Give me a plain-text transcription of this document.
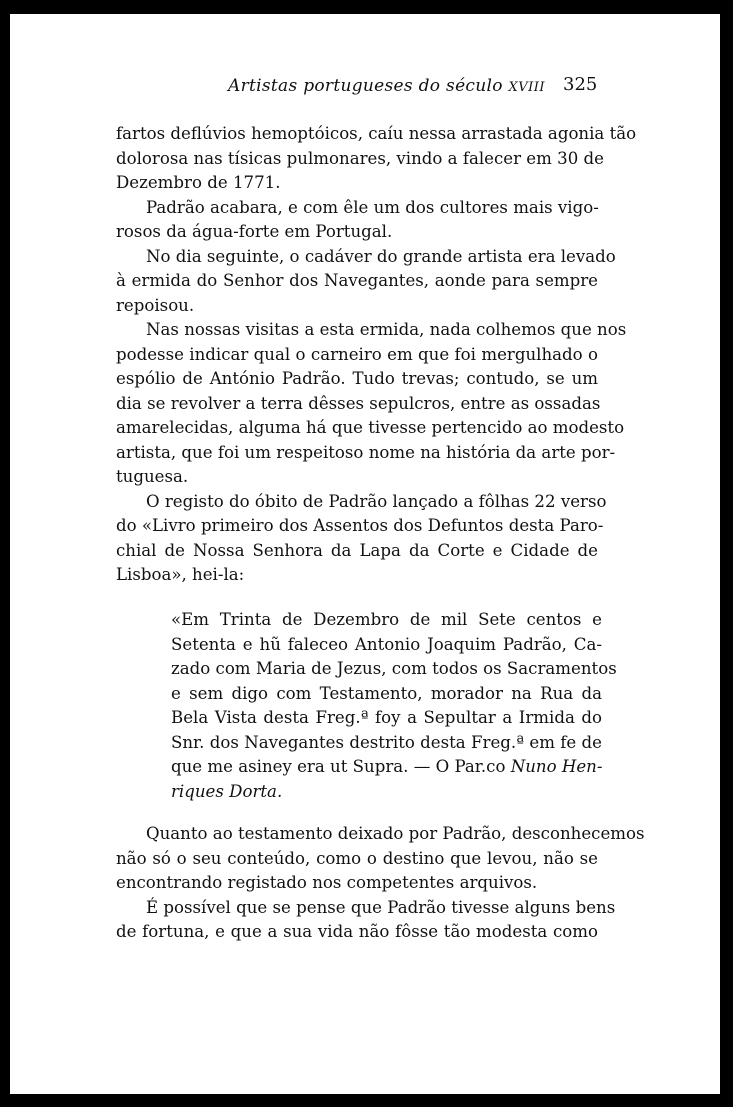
Artistas portugueses do século XVIII 325
fartos deflúvios hemoptóicos, caíu nessa arrastada agonia tão
dolorosa nas tísicas pulmonares, vindo a falecer em 30 de
Dezembro de 1771.
Padrão acabara, e com êle um dos cultores mais vigo-
rosos da água-forte em Portugal.
No dia seguinte, o cadáver do grande artista era levado
à ermida do Senhor dos Navegantes, aonde para sempre
repoisou.
Nas nossas visitas a esta ermida, nada colhemos que nos
podesse indicar qual o carneiro em que foi mergulhado o
espólio de António Padrão. Tudo trevas; contudo, se um
dia se revolver a terra dêsses sepulcros, entre as ossadas
amarelecidas, alguma há que tivesse pertencido ao modesto
artista, que foi um respeitoso nome na história da arte por-
tuguesa.
O registo do óbito de Padrão lançado a fôlhas 22 verso
do «Livro primeiro dos Assentos dos Defuntos desta Paro-
chial de Nossa Senhora da Lapa da Corte e Cidade de
Lisboa», hei-la:
«Em Trinta de Dezembro de mil Sete centos e
Setenta e hũ faleceo Antonio Joaquim Padrão, Ca-
zado com Maria de Jezus, com todos os Sacramentos
e sem digo com Testamento, morador na Rua da
Bela Vista desta Freg.ª foy a Sepultar a Irmida do
Snr. dos Navegantes destrito desta Freg.ª em fe de
que me asiney era ut Supra. — O Par.co Nuno Hen-
riques Dorta.
Quanto ao testamento deixado por Padrão, desconhecemos
não só o seu conteúdo, como o destino que levou, não se
encontrando registado nos competentes arquivos.
É possível que se pense que Padrão tivesse alguns bens
de fortuna, e que a sua vida não fôsse tão modesta como
